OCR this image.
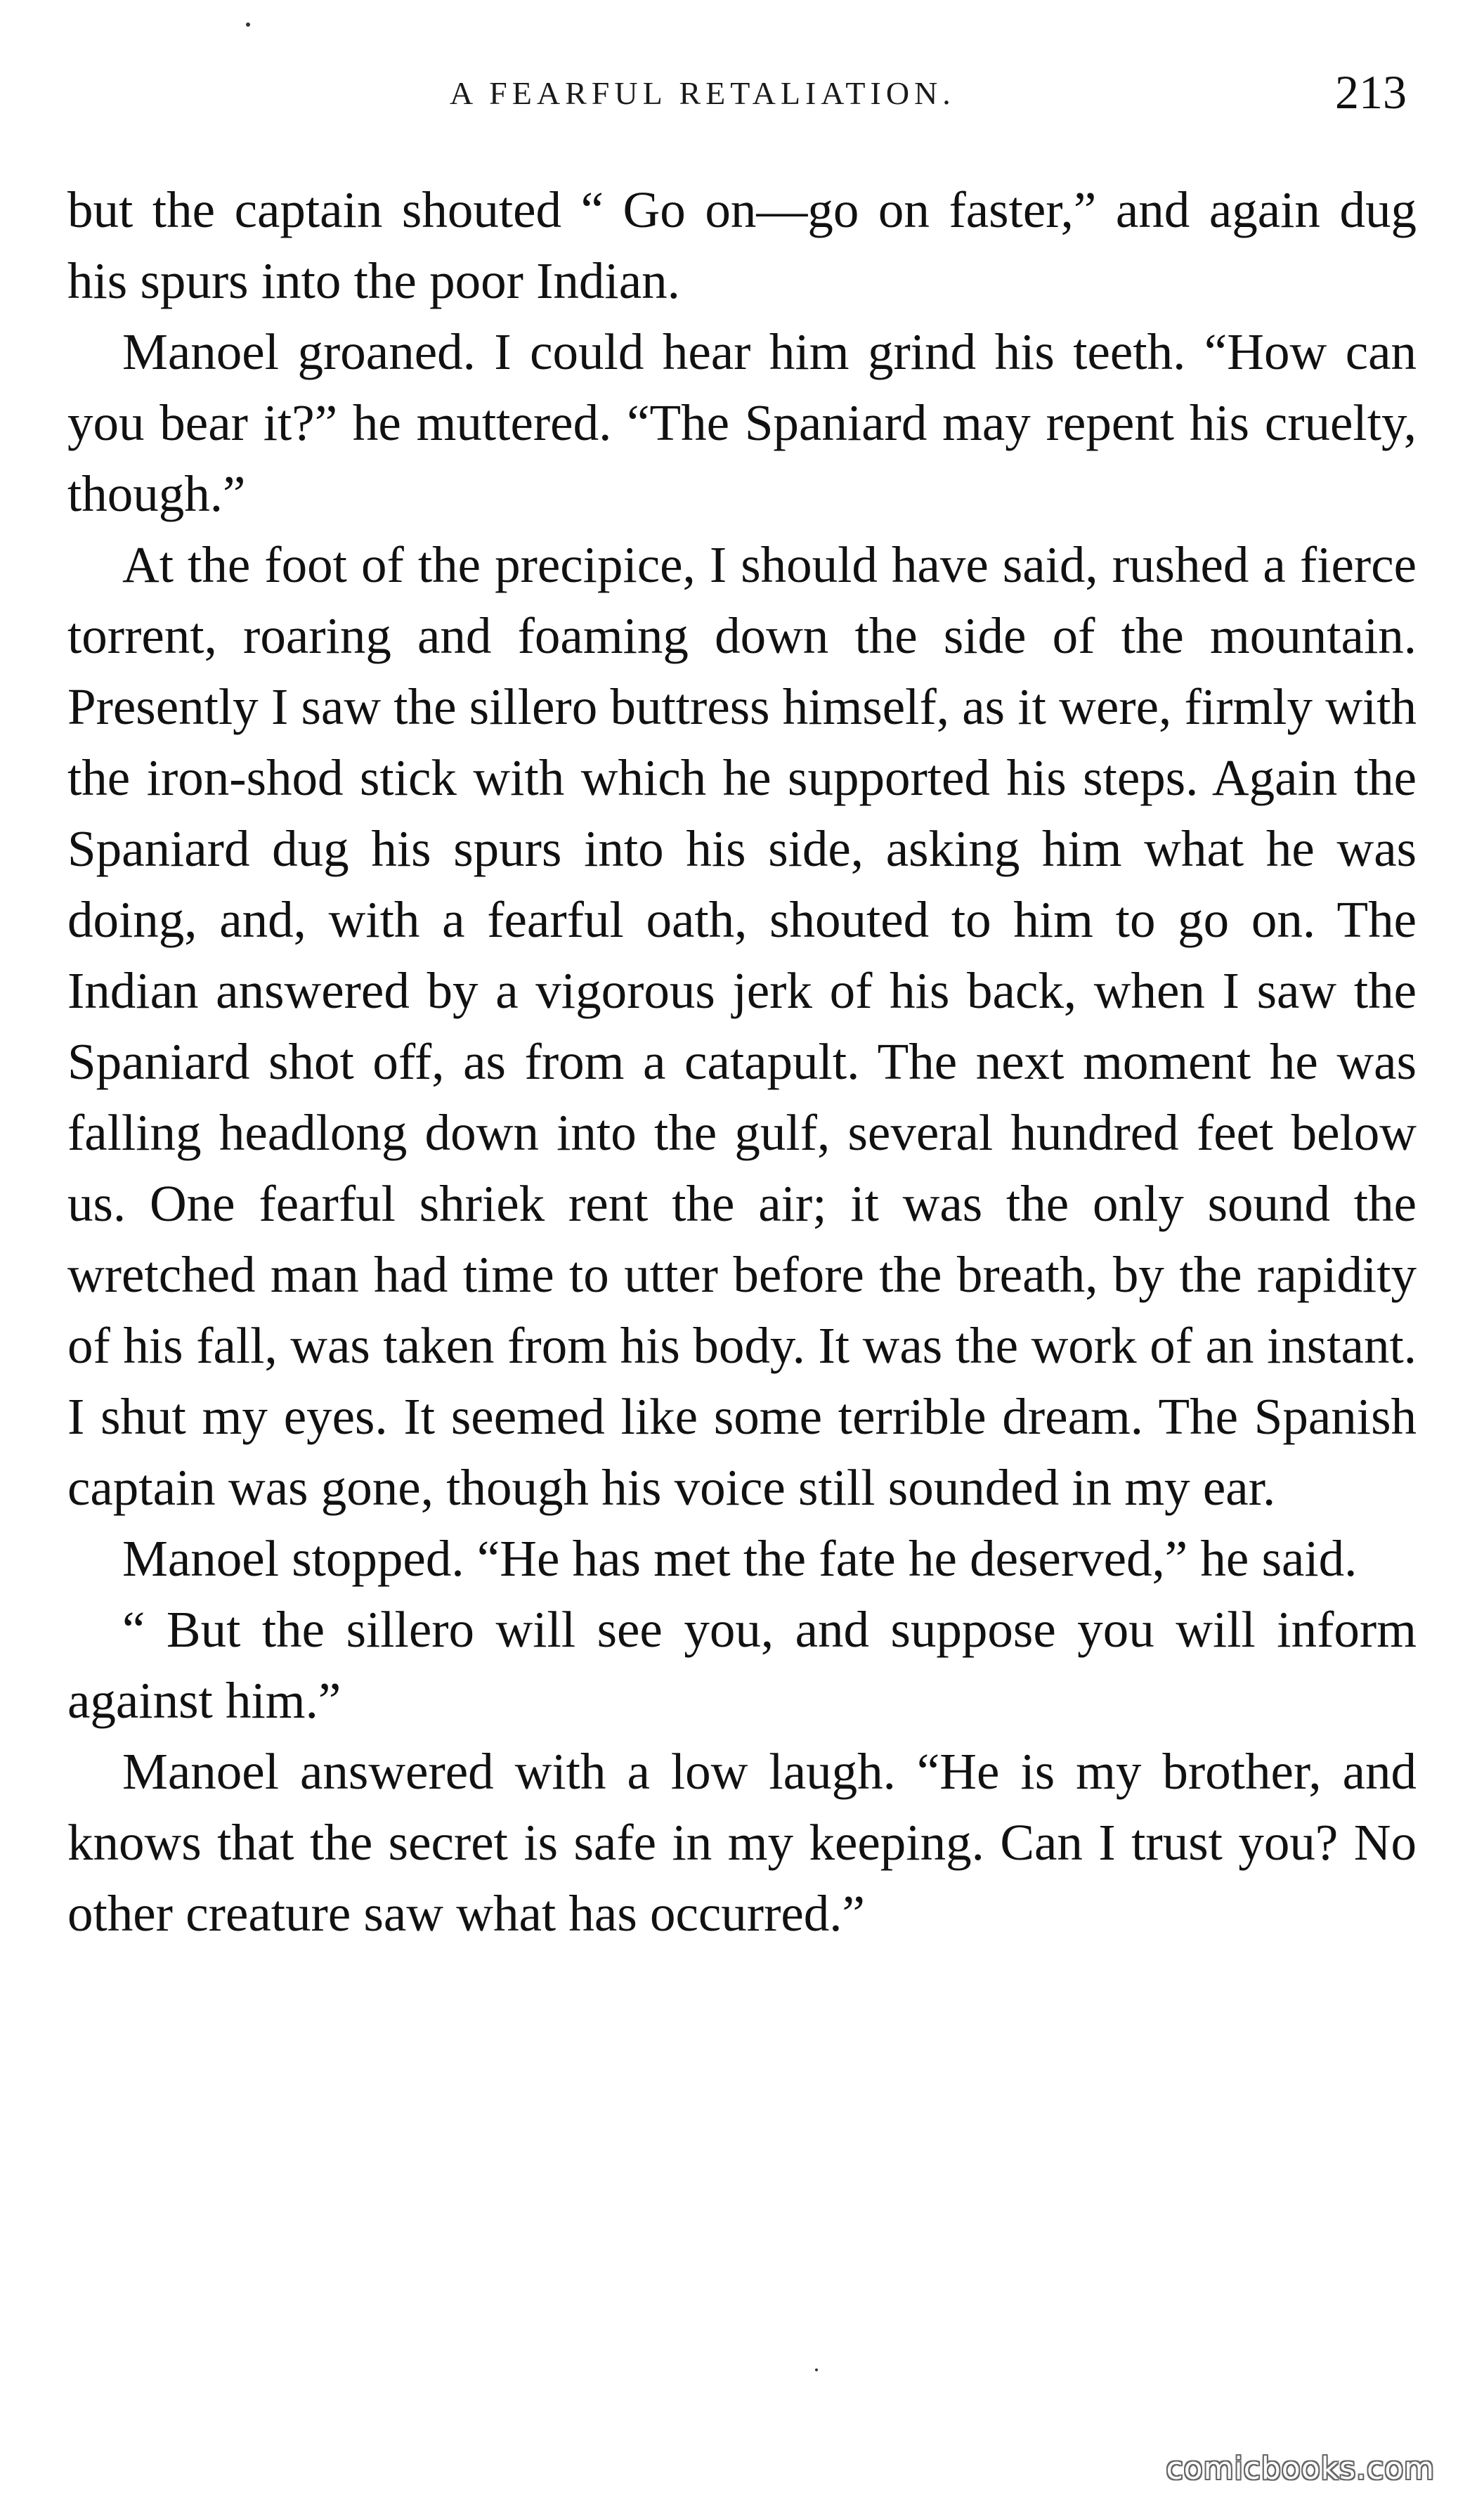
A FEARFUL RETALIATION.	213

but the captain shouted “ Go on—go on faster,” and again dug his spurs into the poor Indian.

Manoel groaned. I could hear him grind his teeth. “How can you bear it?” he muttered. “The Spaniard may repent his cruelty, though.”

At the foot of the precipice, I should have said, rushed a fierce torrent, roaring and foaming down the side of the mountain. Presently I saw the sillero buttress himself, as it were, firmly with the iron-shod stick with which he supported his steps. Again the Spaniard dug his spurs into his side, asking him what he was doing, and, with a fearful oath, shouted to him to go on. The Indian answered by a vigorous jerk of his back, when I saw the Spaniard shot off, as from a catapult. The next moment he was falling headlong down into the gulf, several hundred feet below us. One fearful shriek rent the air; it was the only sound the wretched man had time to utter before the breath, by the rapidity of his fall, was taken from his body. It was the work of an instant. I shut my eyes. It seemed like some terrible dream. The Spanish captain was gone, though his voice still sounded in my ear.

Manoel stopped. “He has met the fate he deserved,” he said.

“ But the sillero will see you, and suppose you will inform against him.”

Manoel answered with a low laugh. “He is my brother, and knows that the secret is safe in my keeping. Can I trust you? No other creature saw what has occurred.”

comicbooks.com
